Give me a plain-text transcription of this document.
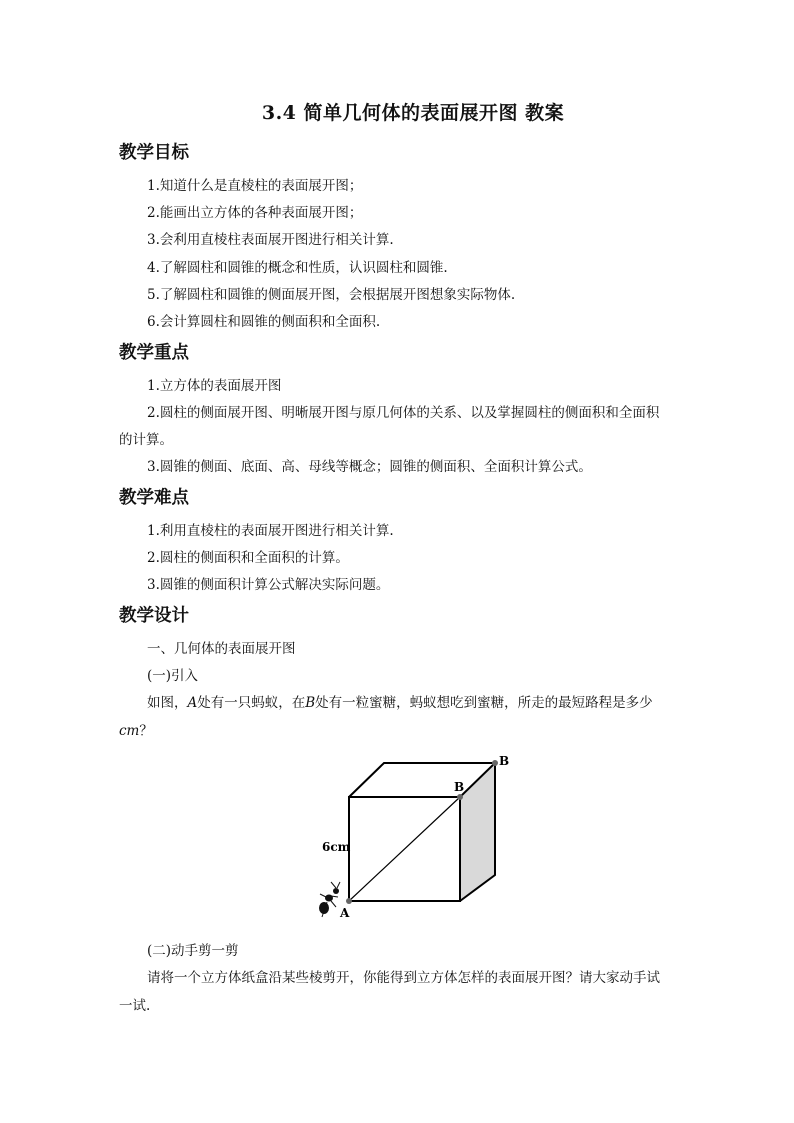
3.4 简单几何体的表面展开图 教案
教学目标
1.知道什么是直棱柱的表面展开图；
2.能画出立方体的各种表面展开图；
3.会利用直棱柱表面展开图进行相关计算.
4.了解圆柱和圆锥的概念和性质，认识圆柱和圆锥.
5.了解圆柱和圆锥的侧面展开图，会根据展开图想象实际物体.
6.会计算圆柱和圆锥的侧面积和全面积.
教学重点
1.立方体的表面展开图
2.圆柱的侧面展开图、明晰展开图与原几何体的关系、以及掌握圆柱的侧面积和全面积
的计算。
3.圆锥的侧面、底面、高、母线等概念；圆锥的侧面积、全面积计算公式。
教学难点
1.利用直棱柱的表面展开图进行相关计算.
2.圆柱的侧面积和全面积的计算。
3.圆锥的侧面积计算公式解决实际问题。
教学设计
一、几何体的表面展开图
(一)引入
如图，A处有一只蚂蚁，在B处有一粒蜜糖，蚂蚁想吃到蜜糖，所走的最短路程是多少
cm？
B
B
A
6cm
(二)动手剪一剪
请将一个立方体纸盒沿某些棱剪开，你能得到立方体怎样的表面展开图？请大家动手试
一试.
